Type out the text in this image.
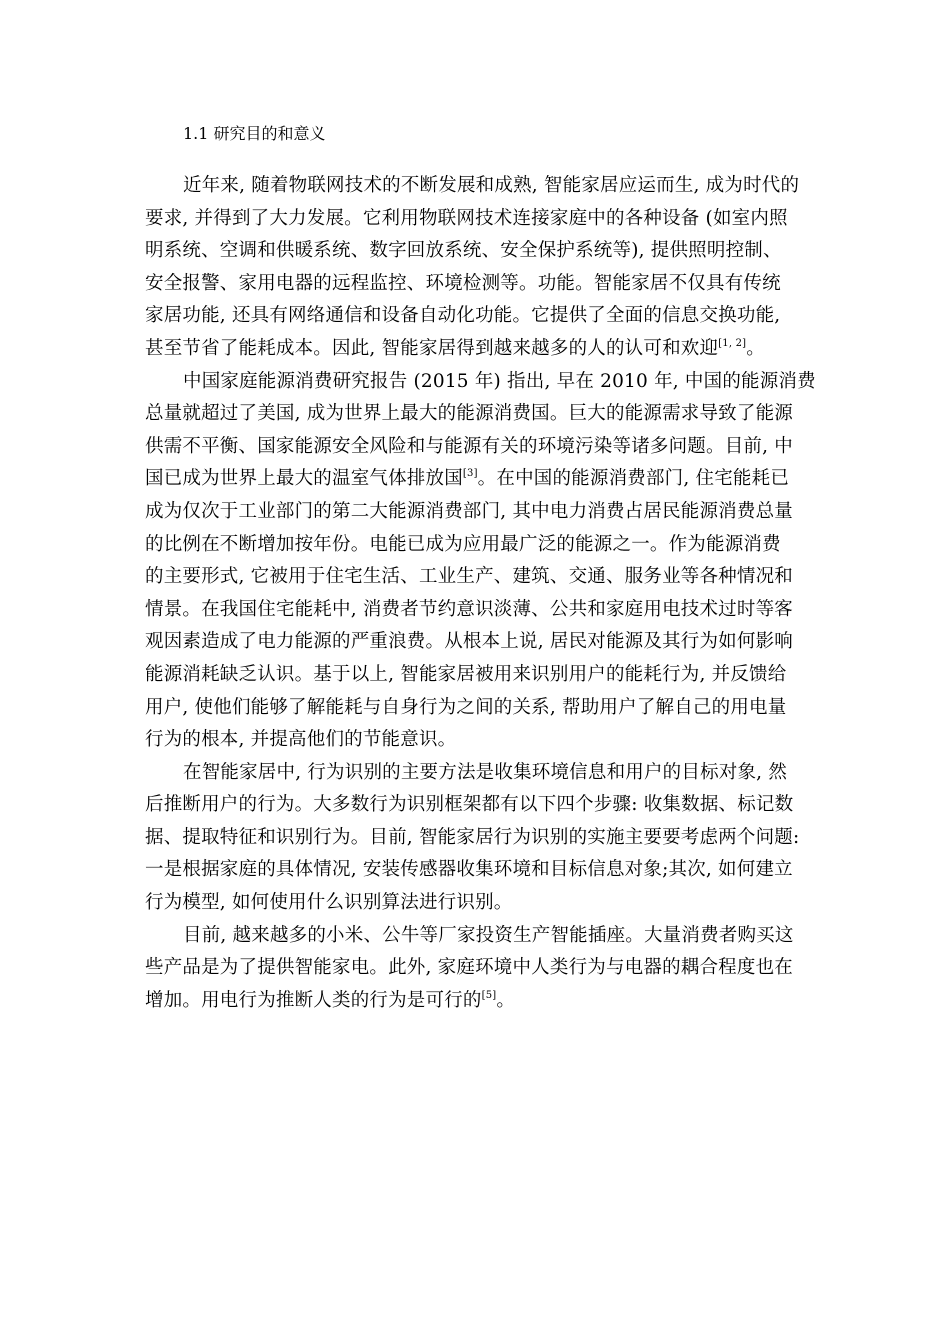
1.1 研究目的和意义
近年来, 随着物联网技术的不断发展和成熟, 智能家居应运而生, 成为时代的
要求, 并得到了大力发展。它利用物联网技术连接家庭中的各种设备 (如室内照
明系统、空调和供暖系统、数字回放系统、安全保护系统等), 提供照明控制、
安全报警、家用电器的远程监控、环境检测等。功能。智能家居不仅具有传统
家居功能, 还具有网络通信和设备自动化功能。它提供了全面的信息交换功能,
甚至节省了能耗成本。因此, 智能家居得到越来越多的人的认可和欢迎[1, 2]。
中国家庭能源消费研究报告 (2015 年) 指出, 早在 2010 年, 中国的能源消费
总量就超过了美国, 成为世界上最大的能源消费国。巨大的能源需求导致了能源
供需不平衡、国家能源安全风险和与能源有关的环境污染等诸多问题。目前, 中
国已成为世界上最大的温室气体排放国[3]。在中国的能源消费部门, 住宅能耗已
成为仅次于工业部门的第二大能源消费部门, 其中电力消费占居民能源消费总量
的比例在不断增加按年份。电能已成为应用最广泛的能源之一。作为能源消费
的主要形式, 它被用于住宅生活、工业生产、建筑、交通、服务业等各种情况和
情景。在我国住宅能耗中, 消费者节约意识淡薄、公共和家庭用电技术过时等客
观因素造成了电力能源的严重浪费。从根本上说, 居民对能源及其行为如何影响
能源消耗缺乏认识。基于以上, 智能家居被用来识别用户的能耗行为, 并反馈给
用户, 使他们能够了解能耗与自身行为之间的关系, 帮助用户了解自己的用电量
行为的根本, 并提高他们的节能意识。
在智能家居中, 行为识别的主要方法是收集环境信息和用户的目标对象, 然
后推断用户的行为。大多数行为识别框架都有以下四个步骤: 收集数据、标记数
据、提取特征和识别行为。目前, 智能家居行为识别的实施主要要考虑两个问题:
一是根据家庭的具体情况, 安装传感器收集环境和目标信息对象;其次, 如何建立
行为模型, 如何使用什么识别算法进行识别。
目前, 越来越多的小米、公牛等厂家投资生产智能插座。大量消费者购买这
些产品是为了提供智能家电。此外, 家庭环境中人类行为与电器的耦合程度也在
增加。用电行为推断人类的行为是可行的[5]。
